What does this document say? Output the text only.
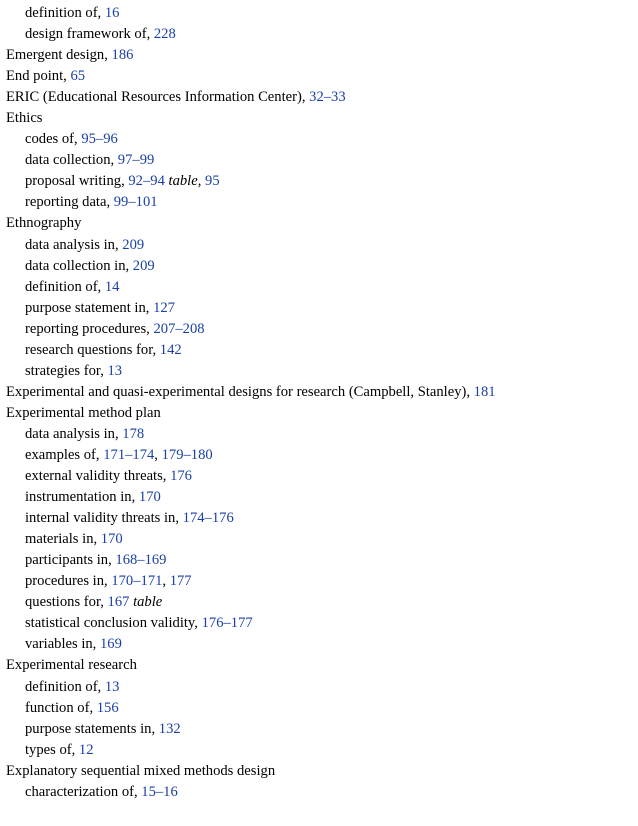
definition of, 16
design framework of, 228
Emergent design, 186
End point, 65
ERIC (Educational Resources Information Center), 32–33
Ethics
codes of, 95–96
data collection, 97–99
proposal writing, 92–94 table, 95
reporting data, 99–101
Ethnography
data analysis in, 209
data collection in, 209
definition of, 14
purpose statement in, 127
reporting procedures, 207–208
research questions for, 142
strategies for, 13
Experimental and quasi-experimental designs for research (Campbell, Stanley), 181
Experimental method plan
data analysis in, 178
examples of, 171–174, 179–180
external validity threats, 176
instrumentation in, 170
internal validity threats in, 174–176
materials in, 170
participants in, 168–169
procedures in, 170–171, 177
questions for, 167 table
statistical conclusion validity, 176–177
variables in, 169
Experimental research
definition of, 13
function of, 156
purpose statements in, 132
types of, 12
Explanatory sequential mixed methods design
characterization of, 15–16
